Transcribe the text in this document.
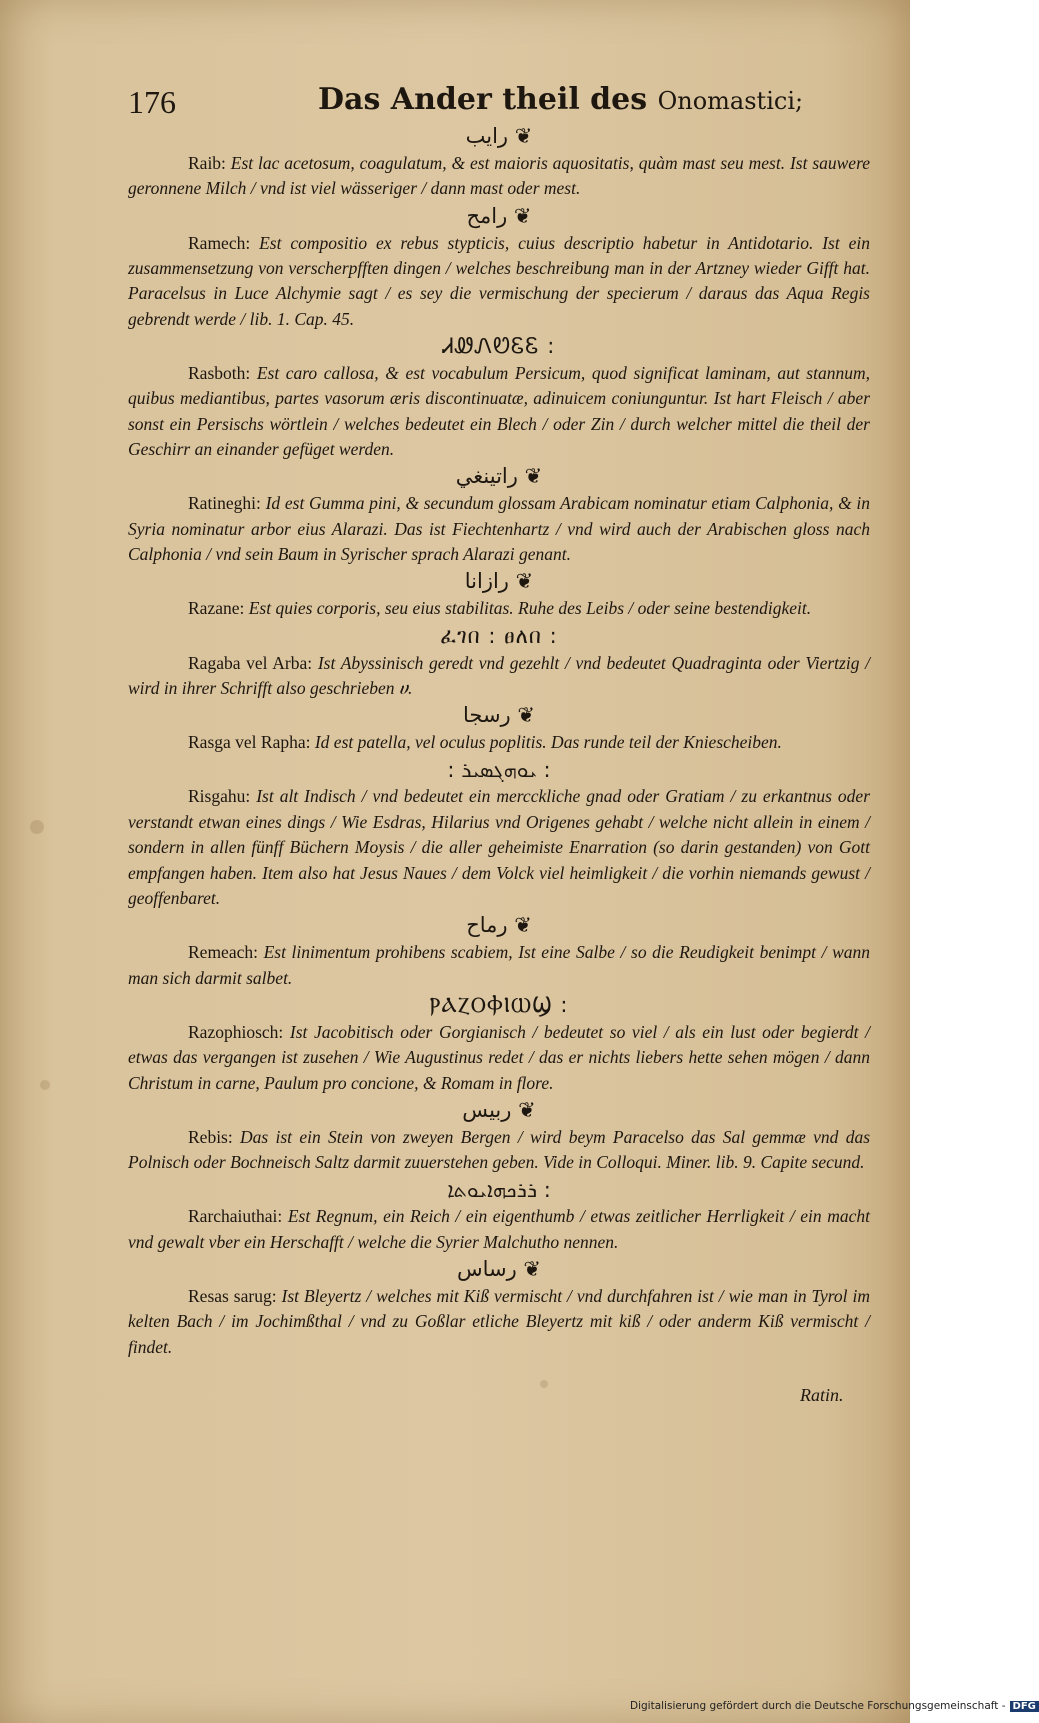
176	Das Ander theil des Onomastici;
رايب ❦
Raib: Est lac acetosum, coagulatum, & est maioris aquositatis, quàm mast seu mest. Ist sauwere geronnene Milch / vnd ist viel wässeriger / dann mast oder mest.
رامح ❦
Ramech: Est compositio ex rebus stypticis, cuius descriptio habetur in Antidotario. Ist ein zusammensetzung von verscherpfften dingen / welches beschreibung man in der Artzney wieder Gifft hat. Paracelsus in Luce Alchymie sagt / es sey die vermischung der specierum / daraus das Aqua Regis gebrendt werde / lib. 1. Cap. 45.
ᏗᏪᏁᏬᏋᏋ :
Rasboth: Est caro callosa, & est vocabulum Persicum, quod significat laminam, aut stannum, quibus mediantibus, partes vasorum æris discontinuatæ, adinuicem coniunguntur. Ist hart Fleisch / aber sonst ein Persischs wörtlein / welches bedeutet ein Blech / oder Zin / durch welcher mittel die theil der Geschirr an einander gefüget werden.
راتينغي ❦
Ratineghi: Id est Gumma pini, & secundum glossam Arabicam nominatur etiam Calphonia, & in Syria nominatur arbor eius Alarazi. Das ist Fiechtenhartz / vnd wird auch der Arabischen gloss nach Calphonia / vnd sein Baum in Syrischer sprach Alarazi genant.
رازانا ❦
Razane: Est quies corporis, seu eius stabilitas. Ruhe des Leibs / oder seine bestendigkeit.
ፈገበ : ፀለበ :
Ragaba vel Arba: Ist Abyssinisch geredt vnd gezehlt / vnd bedeutet Quadraginta oder Viertzig / wird in ihrer Schrifft also geschrieben ሀ.
رسجا ❦
Rasga vel Rapha: Id est patella, vel oculus poplitis. Das runde teil der Kniescheiben.
: ܝܘܗܓܣܝܪ :
Risgahu: Ist alt Indisch / vnd bedeutet ein mercckliche gnad oder Gratiam / zu erkantnus oder verstandt etwan eines dings / Wie Esdras, Hilarius vnd Origenes gehabt / welche nicht allein in einem / sondern in allen fünff Büchern Moysis / die aller geheimiste Enarration (so darin gestanden) von Gott empfangen haben. Item also hat Jesus Naues / dem Volck viel heimligkeit / die vorhin niemands gewust / geoffenbaret.
رماح ❦
Remeach: Est linimentum prohibens scabiem, Ist eine Salbe / so die Reudigkeit benimpt / wann man sich darmit salbet.
ⲢⲀⲌⲞⲪⲒⲰϢ :
Razophiosch: Ist Jacobitisch oder Gorgianisch / bedeutet so viel / als ein lust oder begierdt / etwas das vergangen ist zusehen / Wie Augustinus redet / das er nichts liebers hette sehen mögen / dann Christum in carne, Paulum pro concione, & Romam in flore.
ربيس ❦
Rebis: Das ist ein Stein von zweyen Bergen / wird beym Paracelso das Sal gemmæ vnd das Polnisch oder Bochneisch Saltz darmit zuuerstehen geben. Vide in Colloqui. Miner. lib. 9. Capite secund.
ܪܪܟܗܐܝܘܬܐ :
Rarchaiuthai: Est Regnum, ein Reich / ein eigenthumb / etwas zeitlicher Herrligkeit / ein macht vnd gewalt vber ein Herschafft / welche die Syrier Malchutho nennen.
رساس ❦
Resas sarug: Ist Bleyertz / welches mit Kiß vermischt / vnd durchfahren ist / wie man in Tyrol im kelten Bach / im Jochimßthal / vnd zu Goßlar etliche Bleyertz mit kiß / oder anderm Kiß vermischt / findet.
Ratin.
Digitalisierung gefördert durch die Deutsche Forschungsgemeinschaft - DFG
